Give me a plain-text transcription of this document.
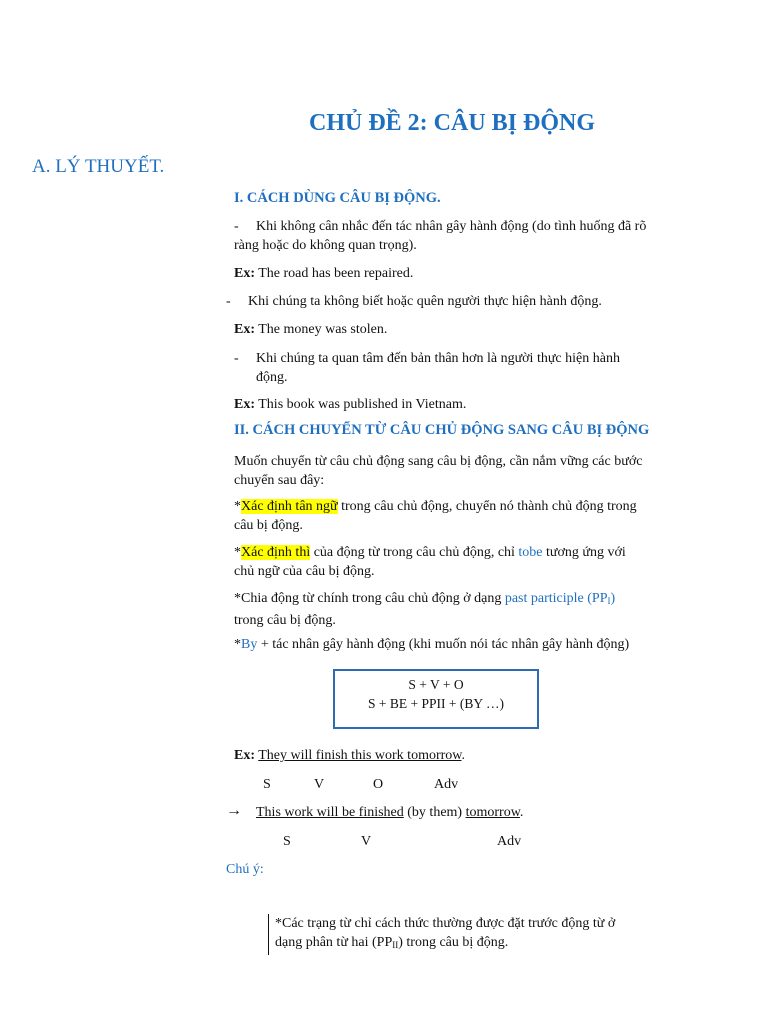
CHỦ ĐỀ 2: CÂU BỊ ĐỘNG
A. LÝ THUYẾT.
I. CÁCH DÙNG CÂU BỊ ĐỘNG.
- Khi không cân nhắc đến tác nhân gây hành động (do tình huống đã rõ
ràng hoặc do không quan trọng).
Ex: The road has been repaired.
- Khi chúng ta không biết hoặc quên người thực hiện hành động.
Ex: The money was stolen.
- Khi chúng ta quan tâm đến bản thân hơn là người thực hiện hành
động.
Ex: This book was published in Vietnam.
II. CÁCH CHUYỂN TỪ CÂU CHỦ ĐỘNG SANG CÂU BỊ ĐỘNG
Muốn chuyển từ câu chủ động sang câu bị động, cần nắm vững các bước
chuyển sau đây:
*Xác định tân ngữ trong câu chủ động, chuyển nó thành chủ động trong
câu bị động.
*Xác định thì của động từ trong câu chủ động, chỉ tobe tương ứng với
chủ ngữ của câu bị động.
*Chia động từ chính trong câu chủ động ở dạng past participle $(PP_I)$
trong câu bị động.
*By + tác nhân gây hành động (khi muốn nói tác nhân gây hành động)
S + V + O
S + BE + PPII + (BY …)
Ex: They will finish this work tomorrow.
S	V	O	Adv
→ This work will be finished (by them) tomorrow.
S	V	Adv
Chú ý:
*Các trạng từ chỉ cách thức thường được đặt trước động từ ở
dạng phân từ hai $(PP_{II})$ trong câu bị động.
